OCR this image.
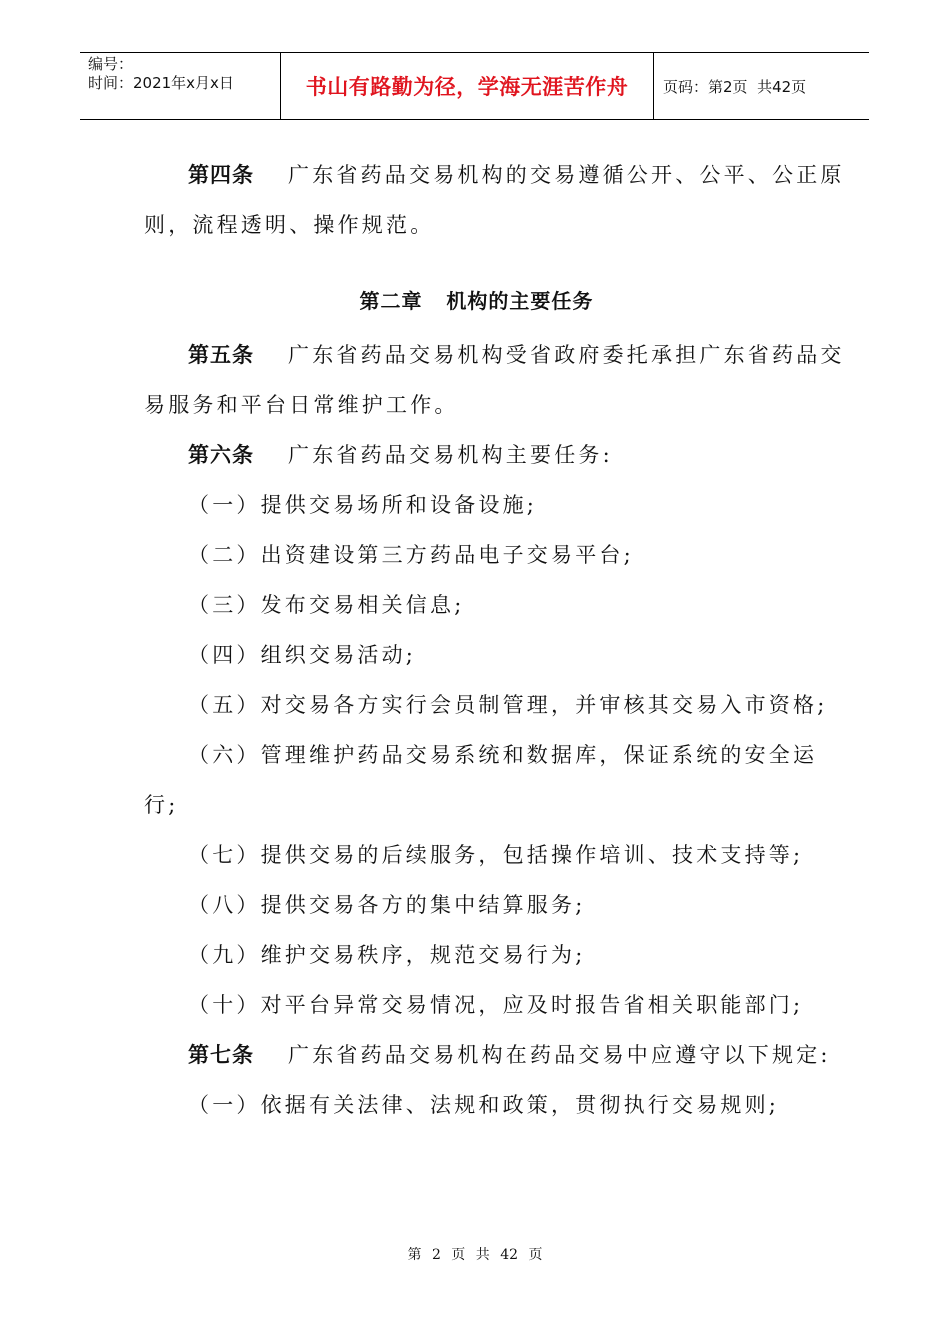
编号：
时间：2021年x月x日	书山有路勤为径，学海无涯苦作舟 页码：第2页  共42页
第四条 广东省药品交易机构的交易遵循公开、公平、公正原
则，流程透明、操作规范。
第二章   机构的主要任务
第五条 广东省药品交易机构受省政府委托承担广东省药品交
易服务和平台日常维护工作。
第六条 广东省药品交易机构主要任务:
（一）提供交易场所和设备设施;
（二）出资建设第三方药品电子交易平台;
（三）发布交易相关信息;
（四）组织交易活动;
（五）对交易各方实行会员制管理，并审核其交易入市资格;
（六）管理维护药品交易系统和数据库，保证系统的安全运
行;
（七）提供交易的后续服务，包括操作培训、技术支持等;
（八）提供交易各方的集中结算服务;
（九）维护交易秩序，规范交易行为;
（十）对平台异常交易情况，应及时报告省相关职能部门;
第七条 广东省药品交易机构在药品交易中应遵守以下规定:
（一）依据有关法律、法规和政策，贯彻执行交易规则;
第 2 页 共 42 页
